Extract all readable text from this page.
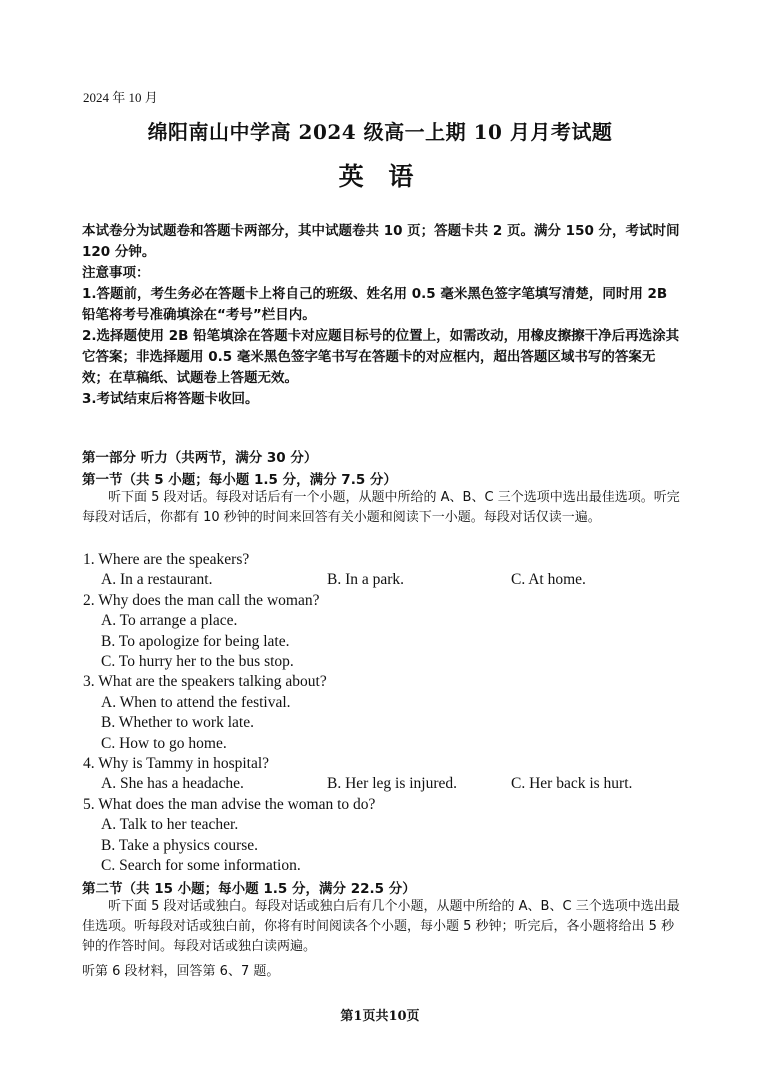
2024 年 10 月
绵阳南山中学高 2024 级高一上期 10 月月考试题
英 语

本试卷分为试题卷和答题卡两部分，其中试题卷共 10 页；答题卡共 2 页。满分 150 分，考试时间 120 分钟。

注意事项：

1.答题前，考生务必在答题卡上将自己的班级、姓名用 0.5 毫米黑色签字笔填写清楚，同时用 2B 铅笔将考号准确填涂在“考号”栏目内。

2.选择题使用 2B 铅笔填涂在答题卡对应题目标号的位置上，如需改动，用橡皮擦擦干净后再选涂其它答案；非选择题用 0.5 毫米黑色签字笔书写在答题卡的对应框内，超出答题区域书写的答案无效；在草稿纸、试题卷上答题无效。

3.考试结束后将答题卡收回。

第一部分 听力（共两节，满分 30 分）
第一节（共 5 小题；每小题 1.5 分，满分 7.5 分）
听下面 5 段对话。每段对话后有一个小题，从题中所给的 A、B、C 三个选项中选出最佳选项。听完每段对话后，你都有 10 秒钟的时间来回答有关小题和阅读下一小题。每段对话仅读一遍。

1. Where are the speakers?

A. In a restaurant.	B. In a park.	C. At home.

2. Why does the man call the woman?

A. To arrange a place.

B. To apologize for being late.

C. To hurry her to the bus stop.

3. What are the speakers talking about?

A. When to attend the festival.

B. Whether to work late.

C. How to go home.

4. Why is Tammy in hospital?

A. She has a headache.	B. Her leg is injured.	C. Her back is hurt.

5. What does the man advise the woman to do?

A. Talk to her teacher.

B. Take a physics course.

C. Search for some information.

第二节（共 15 小题；每小题 1.5 分，满分 22.5 分）
听下面 5 段对话或独白。每段对话或独白后有几个小题，从题中所给的 A、B、C 三个选项中选出最佳选项。听每段对话或独白前，你将有时间阅读各个小题，每小题 5 秒钟；听完后，各小题将给出 5 秒钟的作答时间。每段对话或独白读两遍。
听第 6 段材料，回答第 6、7 题。
第1页共10页
